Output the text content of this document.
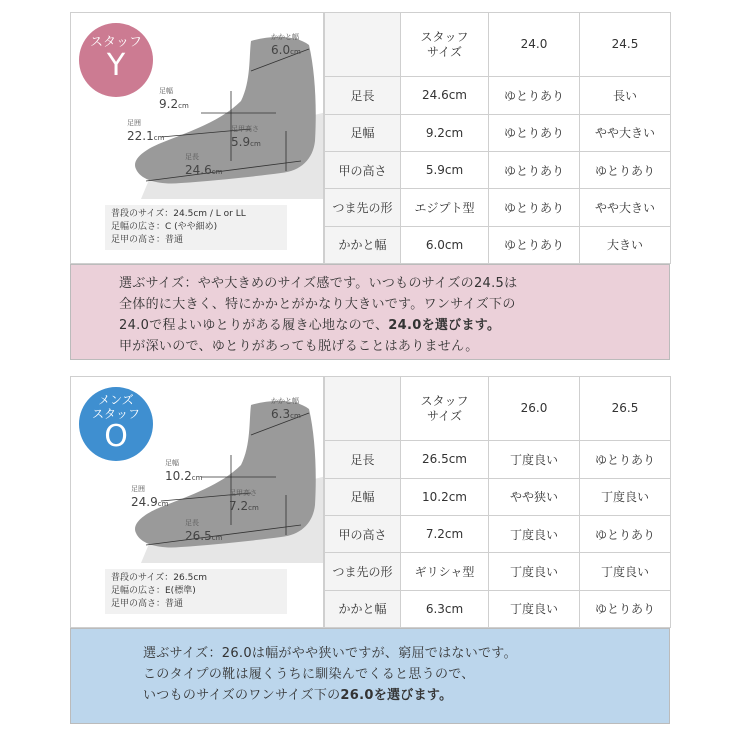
スタッフ
Y
かかと幅
6.0cm
足幅
9.2cm
足囲
22.1cm
足甲高さ
5.9cm
足長
24.6cm
普段のサイズ：24.5cm / L or LL
足幅の広さ：C (やや細め)
足甲の高さ：普通
	スタッフ
サイズ	24.0	24.5
足長	24.6cm	ゆとりあり	長い
足幅	9.2cm	ゆとりあり	やや大きい
甲の高さ	5.9cm	ゆとりあり	ゆとりあり
つま先の形	エジプト型	ゆとりあり	やや大きい
かかと幅	6.0cm	ゆとりあり	大きい
選ぶサイズ：やや大きめのサイズ感です。いつものサイズの24.5は
全体的に大きく、特にかかとがかなり大きいです。ワンサイズ下の
24.0で程よいゆとりがある履き心地なので、24.0を選びます。
甲が深いので、ゆとりがあっても脱げることはありません。
メンズ
スタッフ
O
かかと幅
6.3cm
足幅
10.2cm
足囲
24.9cm
足甲高さ
7.2cm
足長
26.5cm
普段のサイズ：26.5cm
足幅の広さ：E(標準)
足甲の高さ：普通
	スタッフ
サイズ	26.0	26.5
足長	26.5cm	丁度良い	ゆとりあり
足幅	10.2cm	やや狭い	丁度良い
甲の高さ	7.2cm	丁度良い	ゆとりあり
つま先の形	ギリシャ型	丁度良い	丁度良い
かかと幅	6.3cm	丁度良い	ゆとりあり
選ぶサイズ：26.0は幅がやや狭いですが、窮屈ではないです。
このタイプの靴は履くうちに馴染んでくると思うので、
いつものサイズのワンサイズ下の26.0を選びます。
